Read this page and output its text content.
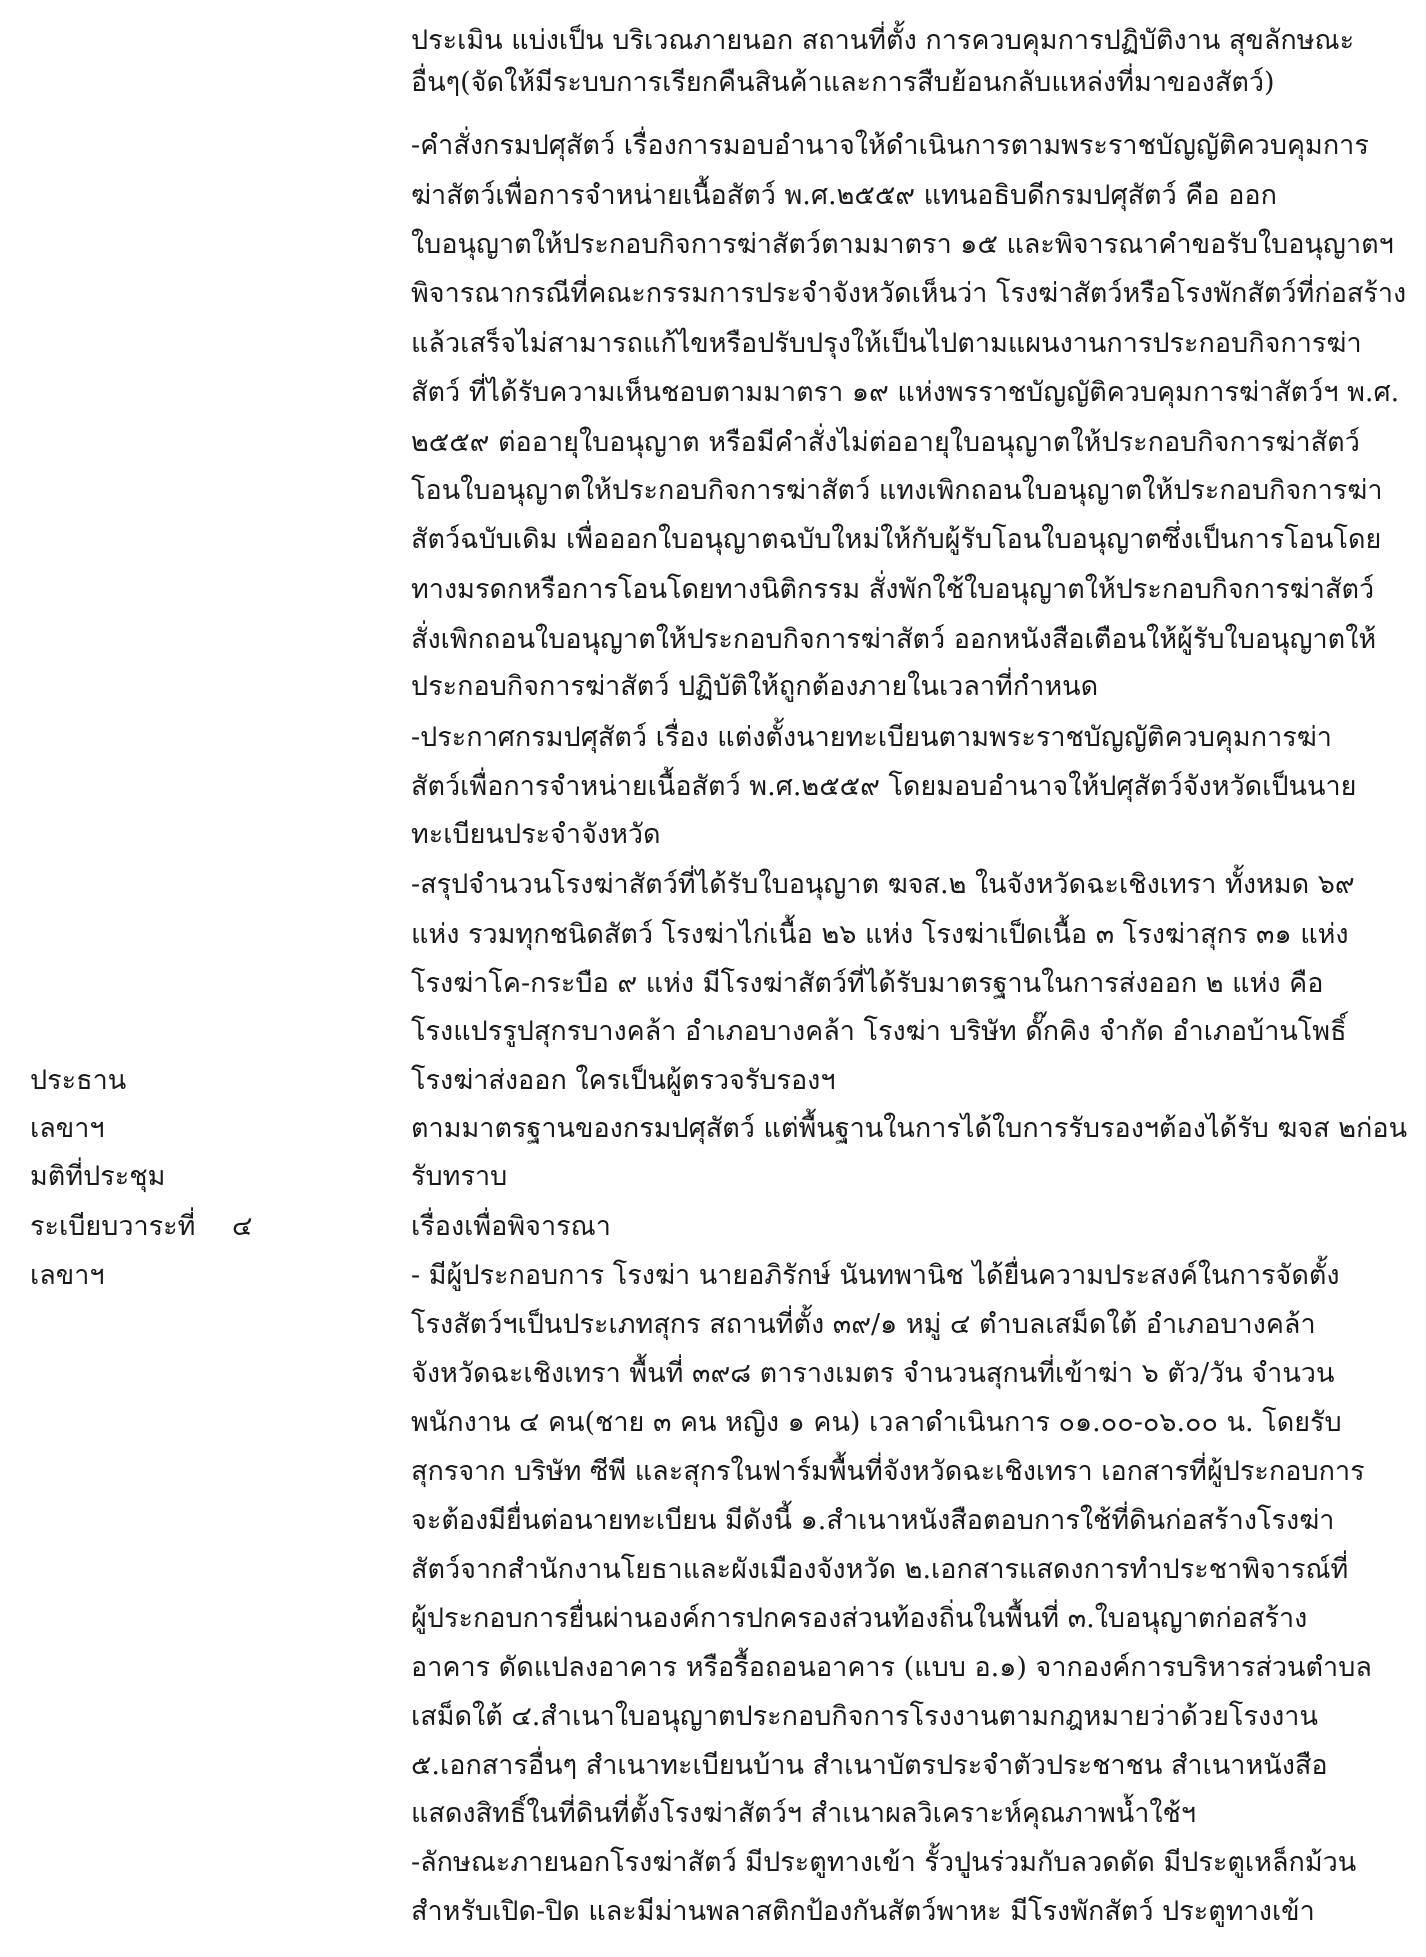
ประเมิน แบ่งเป็น บริเวณภายนอก สถานที่ตั้ง การควบคุมการปฏิบัติงาน สุขลักษณะ
อื่นๆ(จัดให้มีระบบการเรียกคืนสินค้าและการสืบย้อนกลับแหล่งที่มาของสัตว์)
-คำสั่งกรมปศุสัตว์ เรื่องการมอบอำนาจให้ดำเนินการตามพระราชบัญญัติควบคุมการ
ฆ่าสัตว์เพื่อการจำหน่ายเนื้อสัตว์ พ.ศ.๒๕๕๙ แทนอธิบดีกรมปศุสัตว์ คือ ออก
ใบอนุญาตให้ประกอบกิจการฆ่าสัตว์ตามมาตรา ๑๕ และพิจารณาคำขอรับใบอนุญาตฯ
พิจารณากรณีที่คณะกรรมการประจำจังหวัดเห็นว่า โรงฆ่าสัตว์หรือโรงพักสัตว์ที่ก่อสร้าง
แล้วเสร็จไม่สามารถแก้ไขหรือปรับปรุงให้เป็นไปตามแผนงานการประกอบกิจการฆ่า
สัตว์ ที่ได้รับความเห็นชอบตามมาตรา ๑๙ แห่งพรราชบัญญัติควบคุมการฆ่าสัตว์ฯ พ.ศ.
๒๕๕๙ ต่ออายุใบอนุญาต หรือมีคำสั่งไม่ต่ออายุใบอนุญาตให้ประกอบกิจการฆ่าสัตว์
โอนใบอนุญาตให้ประกอบกิจการฆ่าสัตว์ แทงเพิกถอนใบอนุญาตให้ประกอบกิจการฆ่า
สัตว์ฉบับเดิม เพื่อออกใบอนุญาตฉบับใหม่ให้กับผู้รับโอนใบอนุญาตซึ่งเป็นการโอนโดย
ทางมรดกหรือการโอนโดยทางนิติกรรม สั่งพักใช้ใบอนุญาตให้ประกอบกิจการฆ่าสัตว์
สั่งเพิกถอนใบอนุญาตให้ประกอบกิจการฆ่าสัตว์ ออกหนังสือเตือนให้ผู้รับใบอนุญาตให้
ประกอบกิจการฆ่าสัตว์ ปฏิบัติให้ถูกต้องภายในเวลาที่กำหนด
-ประกาศกรมปศุสัตว์ เรื่อง แต่งตั้งนายทะเบียนตามพระราชบัญญัติควบคุมการฆ่า
สัตว์เพื่อการจำหน่ายเนื้อสัตว์ พ.ศ.๒๕๕๙ โดยมอบอำนาจให้ปศุสัตว์จังหวัดเป็นนาย
ทะเบียนประจำจังหวัด
-สรุปจำนวนโรงฆ่าสัตว์ที่ได้รับใบอนุญาต ฆจส.๒ ในจังหวัดฉะเชิงเทรา ทั้งหมด ๖๙
แห่ง รวมทุกชนิดสัตว์ โรงฆ่าไก่เนื้อ ๒๖ แห่ง โรงฆ่าเป็ดเนื้อ ๓ โรงฆ่าสุกร ๓๑ แห่ง
โรงฆ่าโค-กระบือ ๙ แห่ง มีโรงฆ่าสัตว์ที่ได้รับมาตรฐานในการส่งออก ๒ แห่ง คือ
โรงแปรรูปสุกรบางคล้า อำเภอบางคล้า โรงฆ่า บริษัท ดั๊กคิง จำกัด อำเภอบ้านโพธิ์
ประธาน	โรงฆ่าส่งออก ใครเป็นผู้ตรวจรับรองฯ
เลขาฯ	ตามมาตรฐานของกรมปศุสัตว์ แต่พื้นฐานในการได้ใบการรับรองฯต้องได้รับ ฆจส ๒ก่อน
มติที่ประชุม	รับทราบ
ระเบียบวาระที่ ๔	เรื่องเพื่อพิจารณา
เลขาฯ	- มีผู้ประกอบการ โรงฆ่า นายอภิรักษ์ นันทพานิช ได้ยื่นความประสงค์ในการจัดตั้ง
โรงสัตว์ฯเป็นประเภทสุกร สถานที่ตั้ง ๓๙/๑ หมู่ ๔ ตำบลเสม็ดใต้ อำเภอบางคล้า
จังหวัดฉะเชิงเทรา พื้นที่ ๓๙๘ ตารางเมตร จำนวนสุกนที่เข้าฆ่า ๖ ตัว/วัน จำนวน
พนักงาน ๔ คน(ชาย ๓ คน หญิง ๑ คน) เวลาดำเนินการ ๐๑.๐๐-๐๖.๐๐ น. โดยรับ
สุกรจาก บริษัท ซีพี และสุกรในฟาร์มพื้นที่จังหวัดฉะเชิงเทรา เอกสารที่ผู้ประกอบการ
จะต้องมียื่นต่อนายทะเบียน มีดังนี้ ๑.สำเนาหนังสือตอบการใช้ที่ดินก่อสร้างโรงฆ่า
สัตว์จากสำนักงานโยธาและผังเมืองจังหวัด ๒.เอกสารแสดงการทำประชาพิจารณ์ที่
ผู้ประกอบการยื่นผ่านองค์การปกครองส่วนท้องถิ่นในพื้นที่ ๓.ใบอนุญาตก่อสร้าง
อาคาร ดัดแปลงอาคาร หรือรื้อถอนอาคาร (แบบ อ.๑) จากองค์การบริหารส่วนตำบล
เสม็ดใต้ ๔.สำเนาใบอนุญาตประกอบกิจการโรงงานตามกฎหมายว่าด้วยโรงงาน
๕.เอกสารอื่นๆ สำเนาทะเบียนบ้าน สำเนาบัตรประจำตัวประชาชน สำเนาหนังสือ
แสดงสิทธิ์ในที่ดินที่ตั้งโรงฆ่าสัตว์ฯ สำเนาผลวิเคราะห์คุณภาพน้ำใช้ฯ
-ลักษณะภายนอกโรงฆ่าสัตว์ มีประตูทางเข้า รั้วปูนร่วมกับลวดดัด มีประตูเหล็กม้วน
สำหรับเปิด-ปิด และมีม่านพลาสติกป้องกันสัตว์พาหะ มีโรงพักสัตว์ ประตูทางเข้า
